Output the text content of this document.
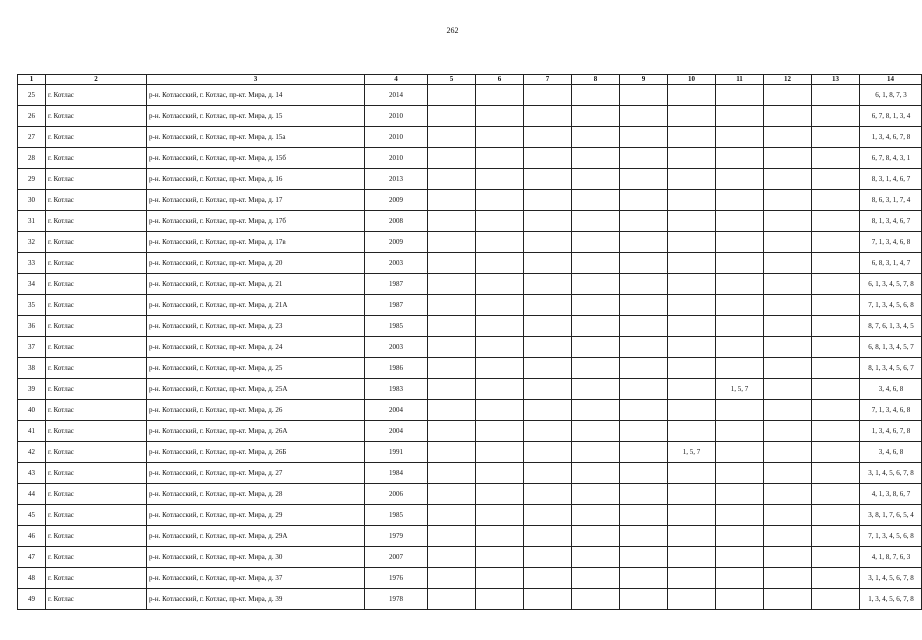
262
1	2	3	4	5	6	7	8	9	10	11	12	13	14
25	г. Котлас	р-н. Котласский, г. Котлас, пр-кт. Мира, д. 14	2014										6, 1, 8, 7, 3
26	г. Котлас	р-н. Котласский, г. Котлас, пр-кт. Мира, д. 15	2010										6, 7, 8, 1, 3, 4
27	г. Котлас	р-н. Котласский, г. Котлас, пр-кт. Мира, д. 15а	2010										1, 3, 4, 6, 7, 8
28	г. Котлас	р-н. Котласский, г. Котлас, пр-кт. Мира, д. 15б	2010										6, 7, 8, 4, 3, 1
29	г. Котлас	р-н. Котласский, г. Котлас, пр-кт. Мира, д. 16	2013										8, 3, 1, 4, 6, 7
30	г. Котлас	р-н. Котласский, г. Котлас, пр-кт. Мира, д. 17	2009										8, 6, 3, 1, 7, 4
31	г. Котлас	р-н. Котласский, г. Котлас, пр-кт. Мира, д. 17б	2008										8, 1, 3, 4, 6, 7
32	г. Котлас	р-н. Котласский, г. Котлас, пр-кт. Мира, д. 17в	2009										7, 1, 3, 4, 6, 8
33	г. Котлас	р-н. Котласский, г. Котлас, пр-кт. Мира, д. 20	2003										6, 8, 3, 1, 4, 7
34	г. Котлас	р-н. Котласский, г. Котлас, пр-кт. Мира, д. 21	1987										6, 1, 3, 4, 5, 7, 8
35	г. Котлас	р-н. Котласский, г. Котлас, пр-кт. Мира, д. 21А	1987										7, 1, 3, 4, 5, 6, 8
36	г. Котлас	р-н. Котласский, г. Котлас, пр-кт. Мира, д. 23	1985										8, 7, 6, 1, 3, 4, 5
37	г. Котлас	р-н. Котласский, г. Котлас, пр-кт. Мира, д. 24	2003										6, 8, 1, 3, 4, 5, 7
38	г. Котлас	р-н. Котласский, г. Котлас, пр-кт. Мира, д. 25	1986										8, 1, 3, 4, 5, 6, 7
39	г. Котлас	р-н. Котласский, г. Котлас, пр-кт. Мира, д. 25А	1983							1, 5, 7			3, 4, 6, 8
40	г. Котлас	р-н. Котласский, г. Котлас, пр-кт. Мира, д. 26	2004										7, 1, 3, 4, 6, 8
41	г. Котлас	р-н. Котласский, г. Котлас, пр-кт. Мира, д. 26А	2004										1, 3, 4, 6, 7, 8
42	г. Котлас	р-н. Котласский, г. Котлас, пр-кт. Мира, д. 26Б	1991						1, 5, 7				3, 4, 6, 8
43	г. Котлас	р-н. Котласский, г. Котлас, пр-кт. Мира, д. 27	1984										3, 1, 4, 5, 6, 7, 8
44	г. Котлас	р-н. Котласский, г. Котлас, пр-кт. Мира, д. 28	2006										4, 1, 3, 8, 6, 7
45	г. Котлас	р-н. Котласский, г. Котлас, пр-кт. Мира, д. 29	1985										3, 8, 1, 7, 6, 5, 4
46	г. Котлас	р-н. Котласский, г. Котлас, пр-кт. Мира, д. 29А	1979										7, 1, 3, 4, 5, 6, 8
47	г. Котлас	р-н. Котласский, г. Котлас, пр-кт. Мира, д. 30	2007										4, 1, 8, 7, 6, 3
48	г. Котлас	р-н. Котласский, г. Котлас, пр-кт. Мира, д. 37	1976										3, 1, 4, 5, 6, 7, 8
49	г. Котлас	р-н. Котласский, г. Котлас, пр-кт. Мира, д. 39	1978										1, 3, 4, 5, 6, 7, 8
